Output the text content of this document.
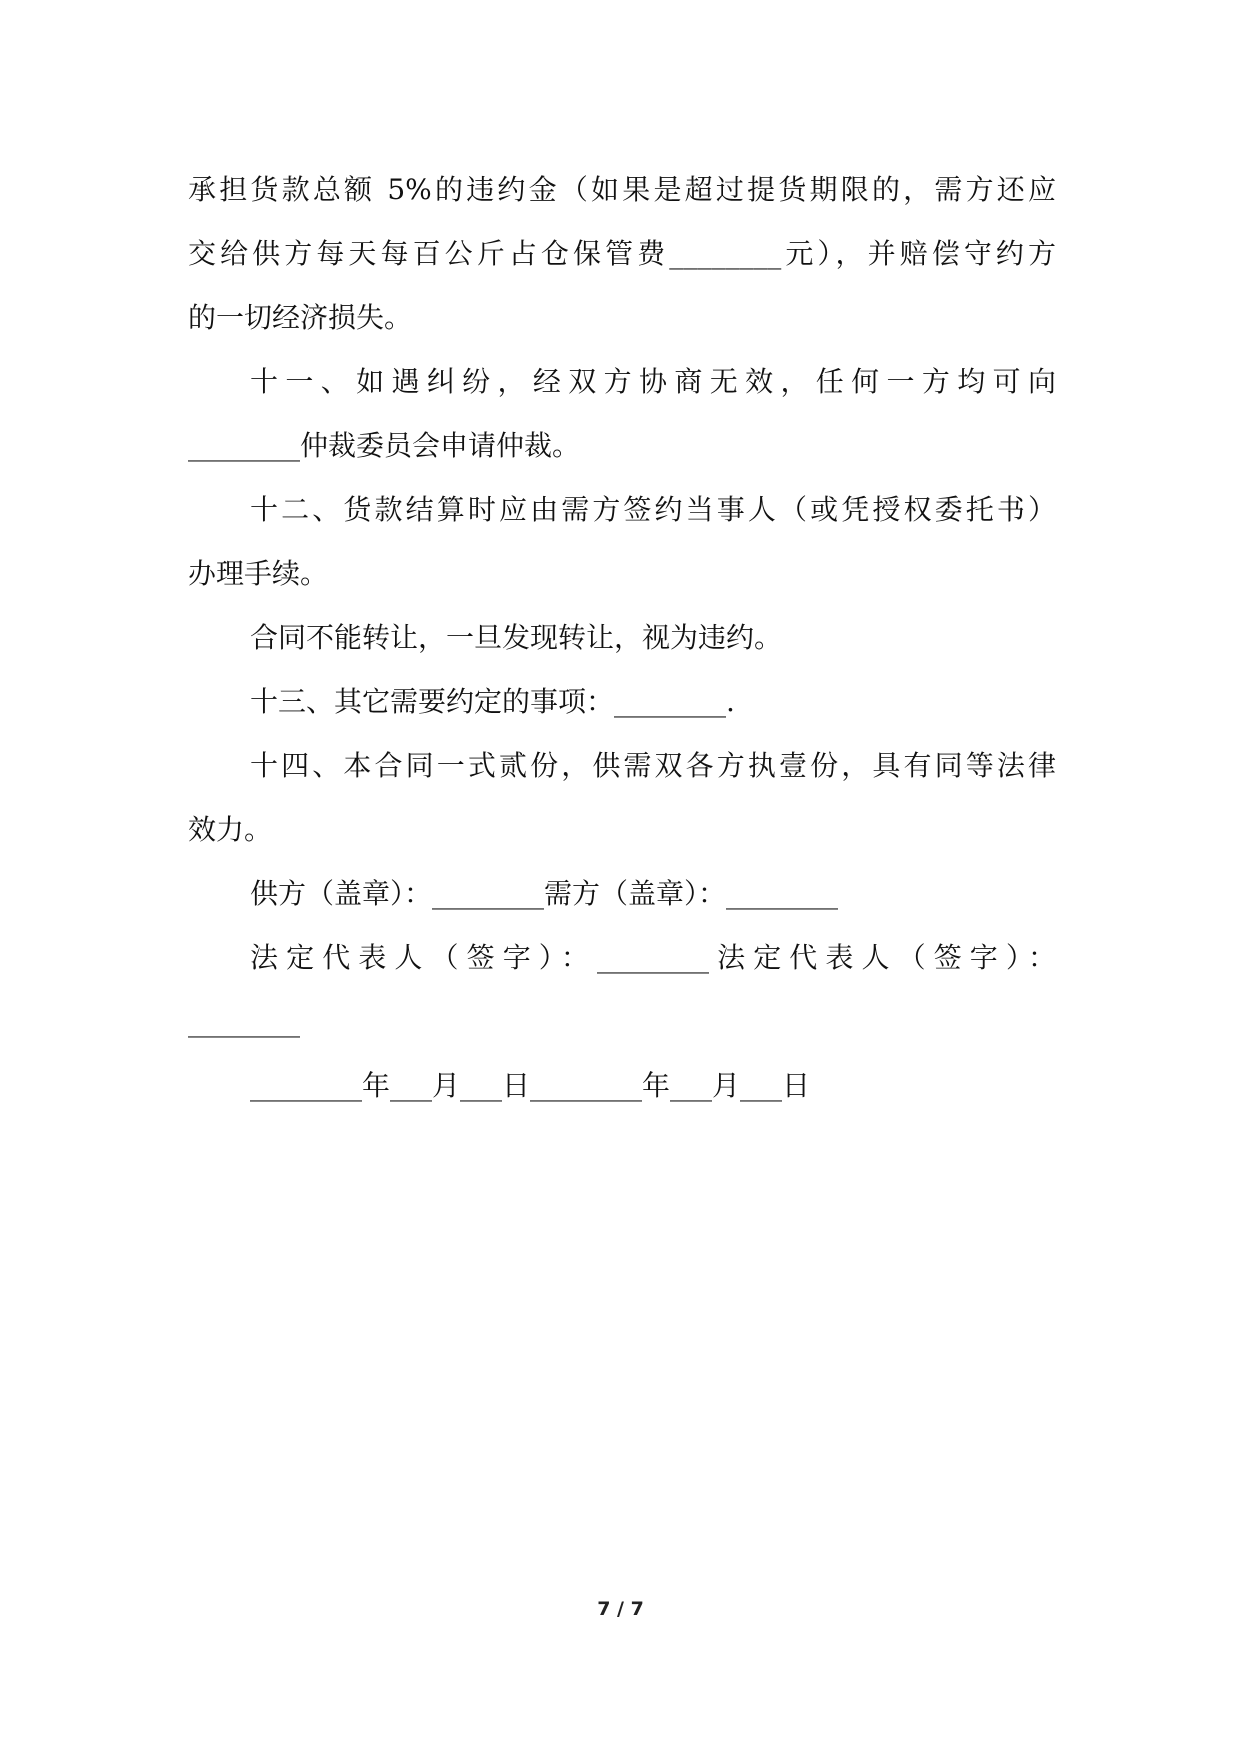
承担货款总额 5%的违约金（如果是超过提货期限的，需方还应
交给供方每天每百公斤占仓保管费________元），并赔偿守约方
的一切经济损失。
十一、如遇纠纷，经双方协商无效，任何一方均可向
________仲裁委员会申请仲裁。
十二、货款结算时应由需方签约当事人（或凭授权委托书）
办理手续。
合同不能转让，一旦发现转让，视为违约。
十三、其它需要约定的事项：________.
十四、本合同一式贰份，供需双各方执壹份，具有同等法律
效力。
供方（盖章）：________需方（盖章）：________
法定代表人（签字）：________法定代表人（签字）：
________
________年___月___日________年___月___日
7 / 7
